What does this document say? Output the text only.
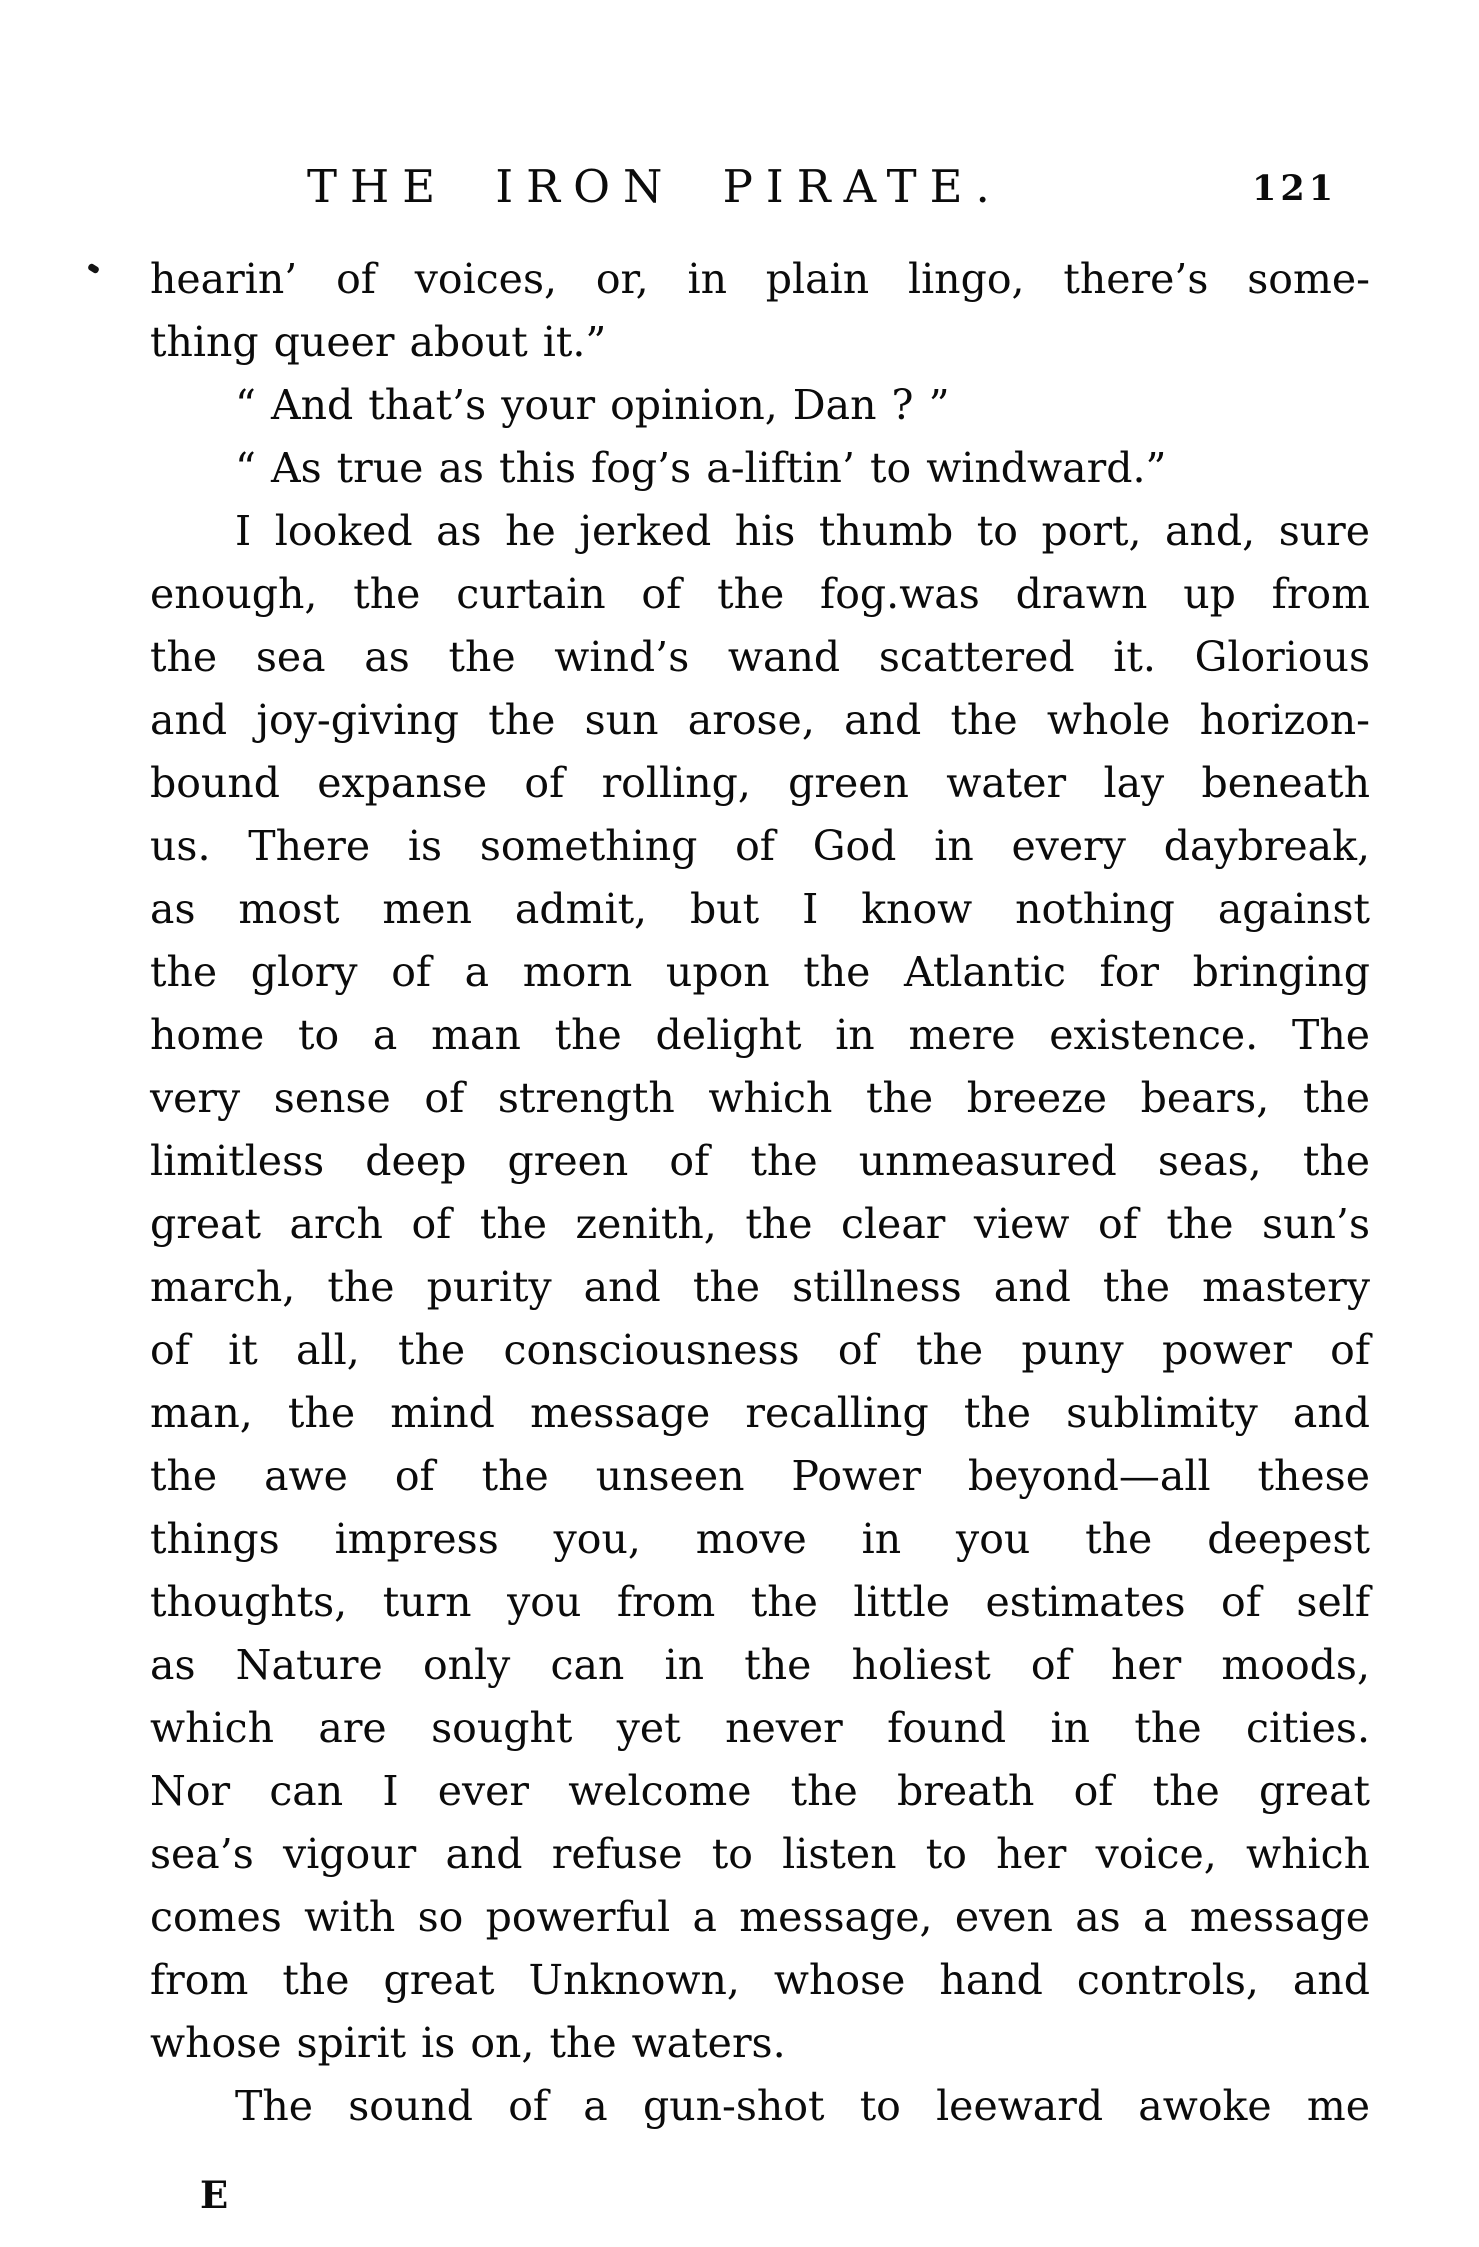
THE IRON PIRATE.	121
hearin’ of voices, or, in plain lingo, there’s some-
thing queer about it.”
“ And that’s your opinion, Dan ? ”
“ As true as this fog’s a-liftin’ to windward.”
I looked as he jerked his thumb to port, and, sure
enough, the curtain of the fog.was drawn up from
the sea as the wind’s wand scattered it. Glorious
and joy-giving the sun arose, and the whole horizon-
bound expanse of rolling, green water lay beneath
us. There is something of God in every daybreak,
as most men admit, but I know nothing against
the glory of a morn upon the Atlantic for bringing
home to a man the delight in mere existence. The
very sense of strength which the breeze bears, the
limitless deep green of the unmeasured seas, the
great arch of the zenith, the clear view of the sun’s
march, the purity and the stillness and the mastery
of it all, the consciousness of the puny power of
man, the mind message recalling the sublimity and
the awe of the unseen Power beyond—all these
things impress you, move in you the deepest
thoughts, turn you from the little estimates of self
as Nature only can in the holiest of her moods,
which are sought yet never found in the cities.
Nor can I ever welcome the breath of the great
sea’s vigour and refuse to listen to her voice, which
comes with so powerful a message, even as a message
from the great Unknown, whose hand controls, and
whose spirit is on, the waters.
The sound of a gun-shot to leeward awoke me
E
